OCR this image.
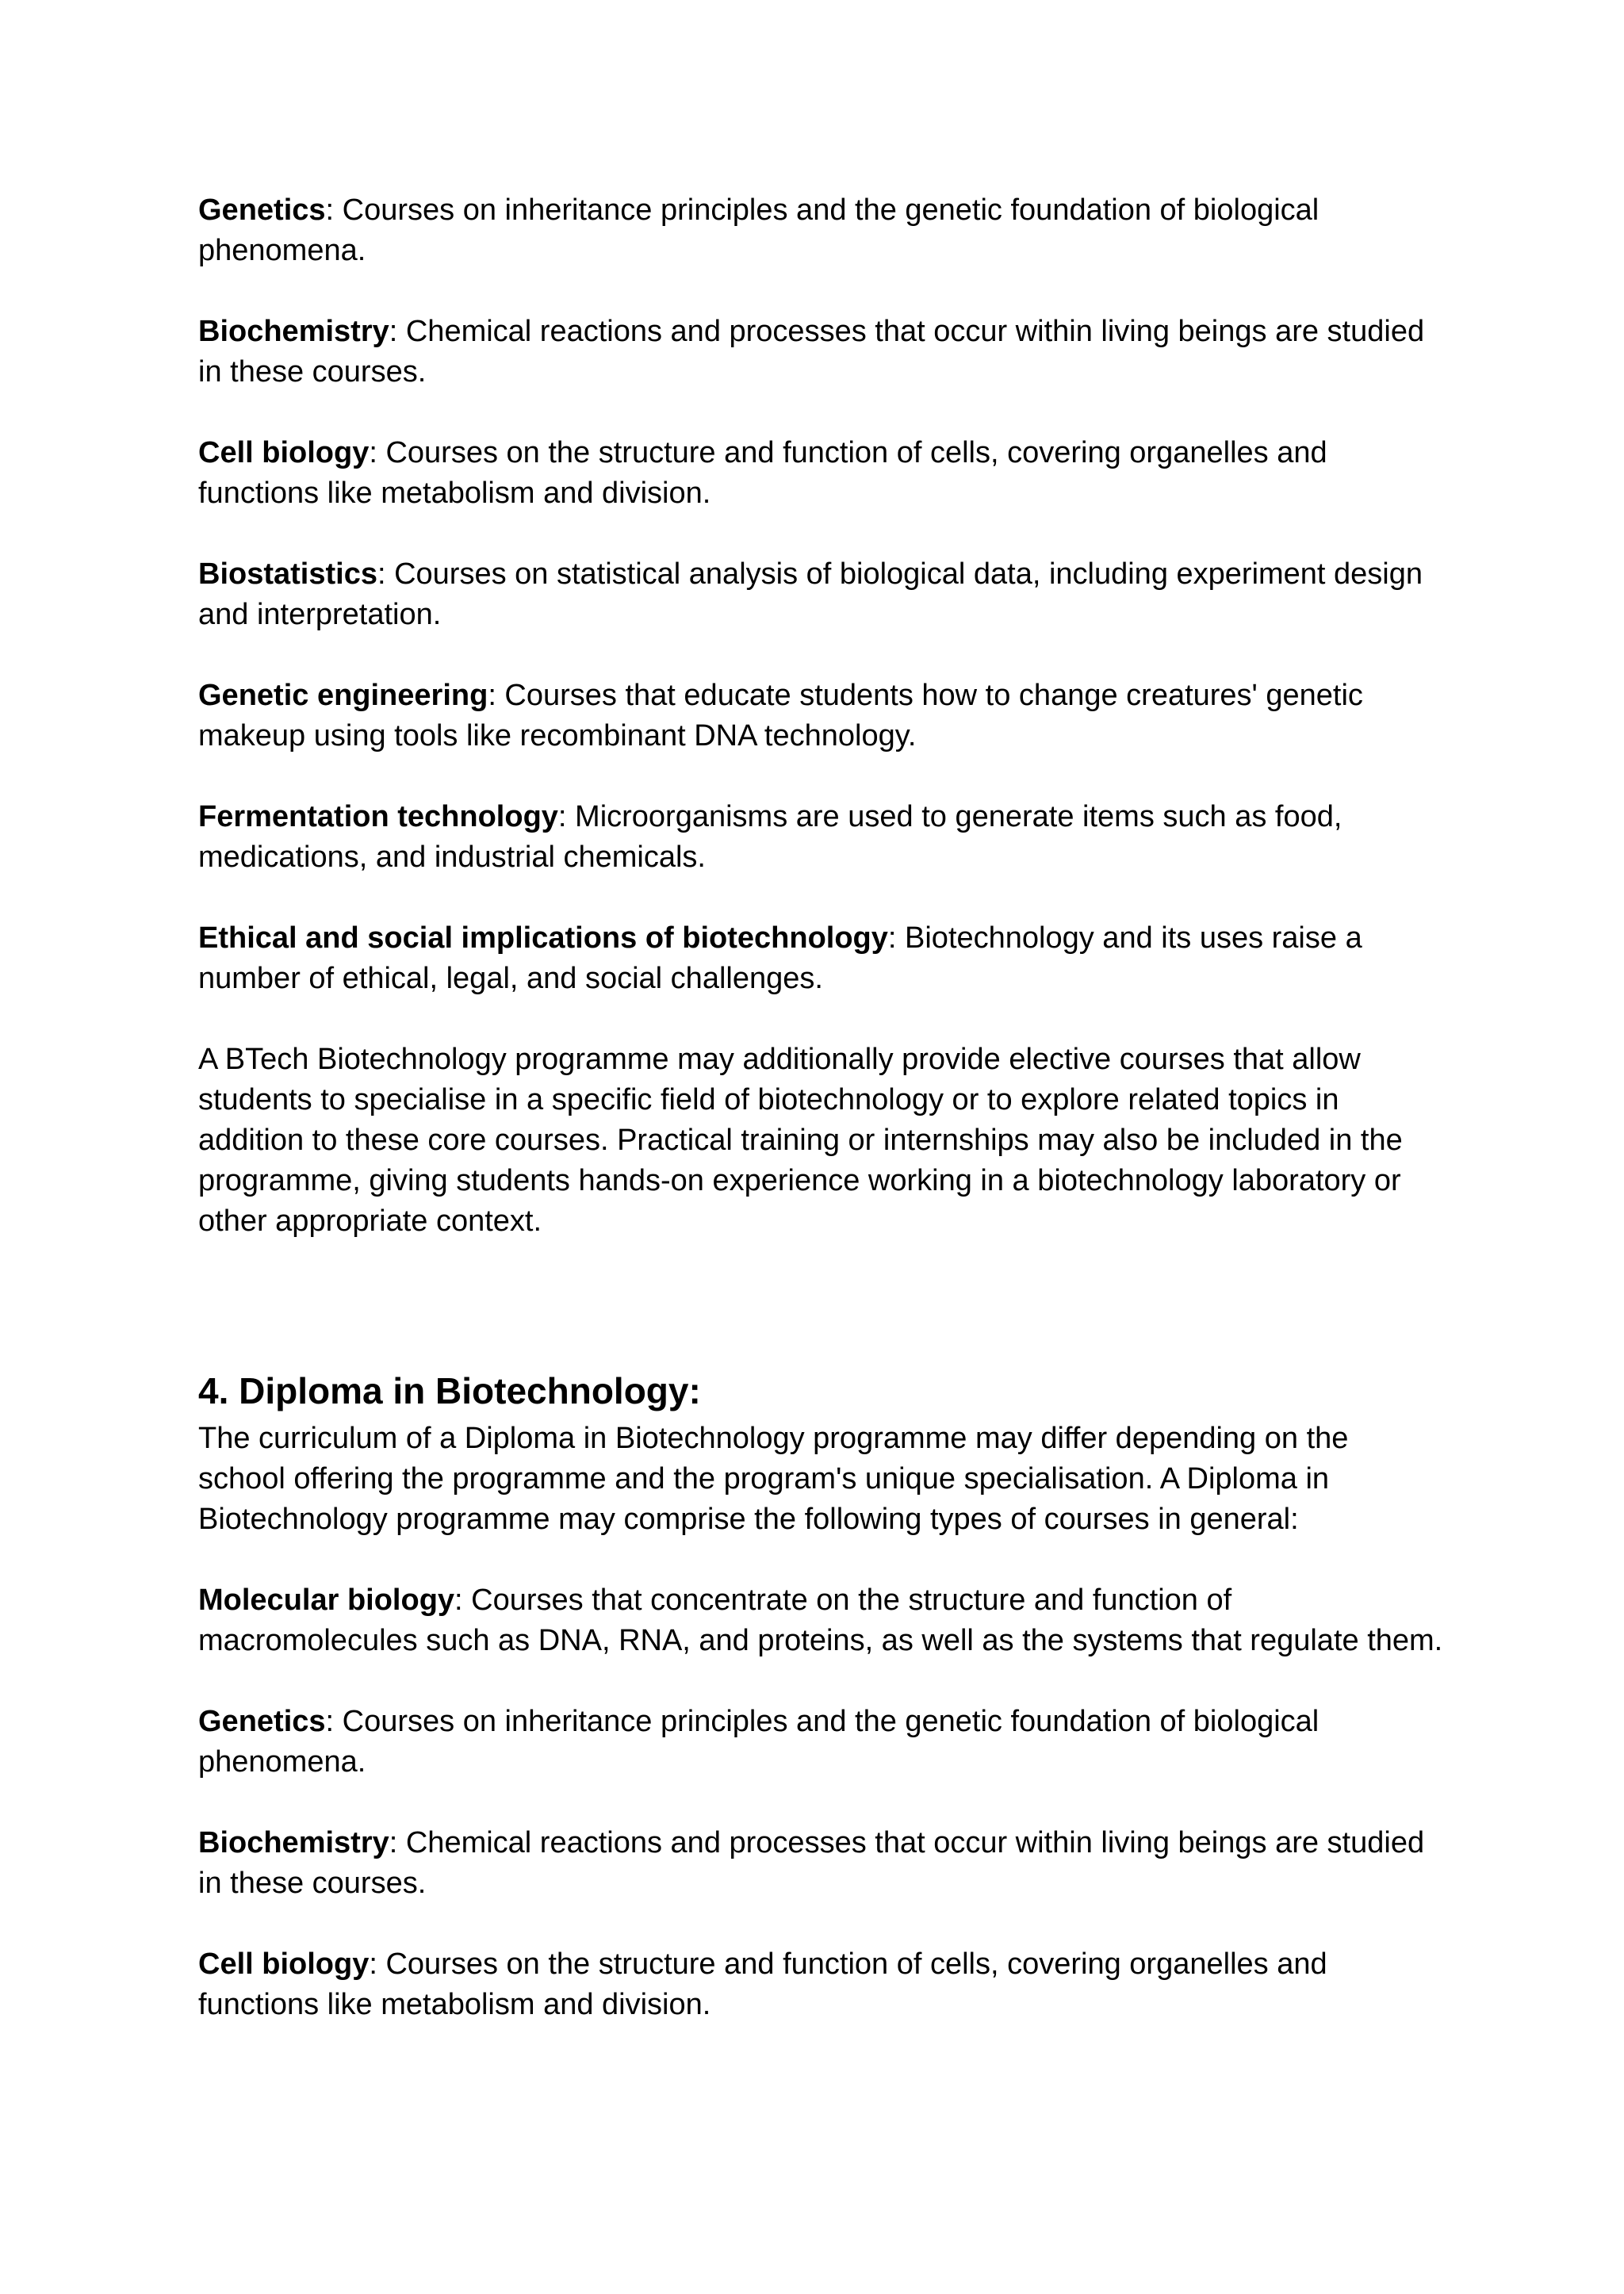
Genetics: Courses on inheritance principles and the genetic foundation of biological phenomena.

Biochemistry: Chemical reactions and processes that occur within living beings are studied in these courses.

Cell biology: Courses on the structure and function of cells, covering organelles and functions like metabolism and division.

Biostatistics: Courses on statistical analysis of biological data, including experiment design and interpretation.

Genetic engineering: Courses that educate students how to change creatures' genetic makeup using tools like recombinant DNA technology.

Fermentation technology: Microorganisms are used to generate items such as food, medications, and industrial chemicals.

Ethical and social implications of biotechnology: Biotechnology and its uses raise a number of ethical, legal, and social challenges.

A BTech Biotechnology programme may additionally provide elective courses that allow students to specialise in a specific field of biotechnology or to explore related topics in addition to these core courses. Practical training or internships may also be included in the programme, giving students hands-on experience working in a biotechnology laboratory or other appropriate context.

4. Diploma in Biotechnology:

The curriculum of a Diploma in Biotechnology programme may differ depending on the school offering the programme and the program's unique specialisation. A Diploma in Biotechnology programme may comprise the following types of courses in general:

Molecular biology: Courses that concentrate on the structure and function of macromolecules such as DNA, RNA, and proteins, as well as the systems that regulate them.

Genetics: Courses on inheritance principles and the genetic foundation of biological phenomena.

Biochemistry: Chemical reactions and processes that occur within living beings are studied in these courses.

Cell biology: Courses on the structure and function of cells, covering organelles and functions like metabolism and division.
